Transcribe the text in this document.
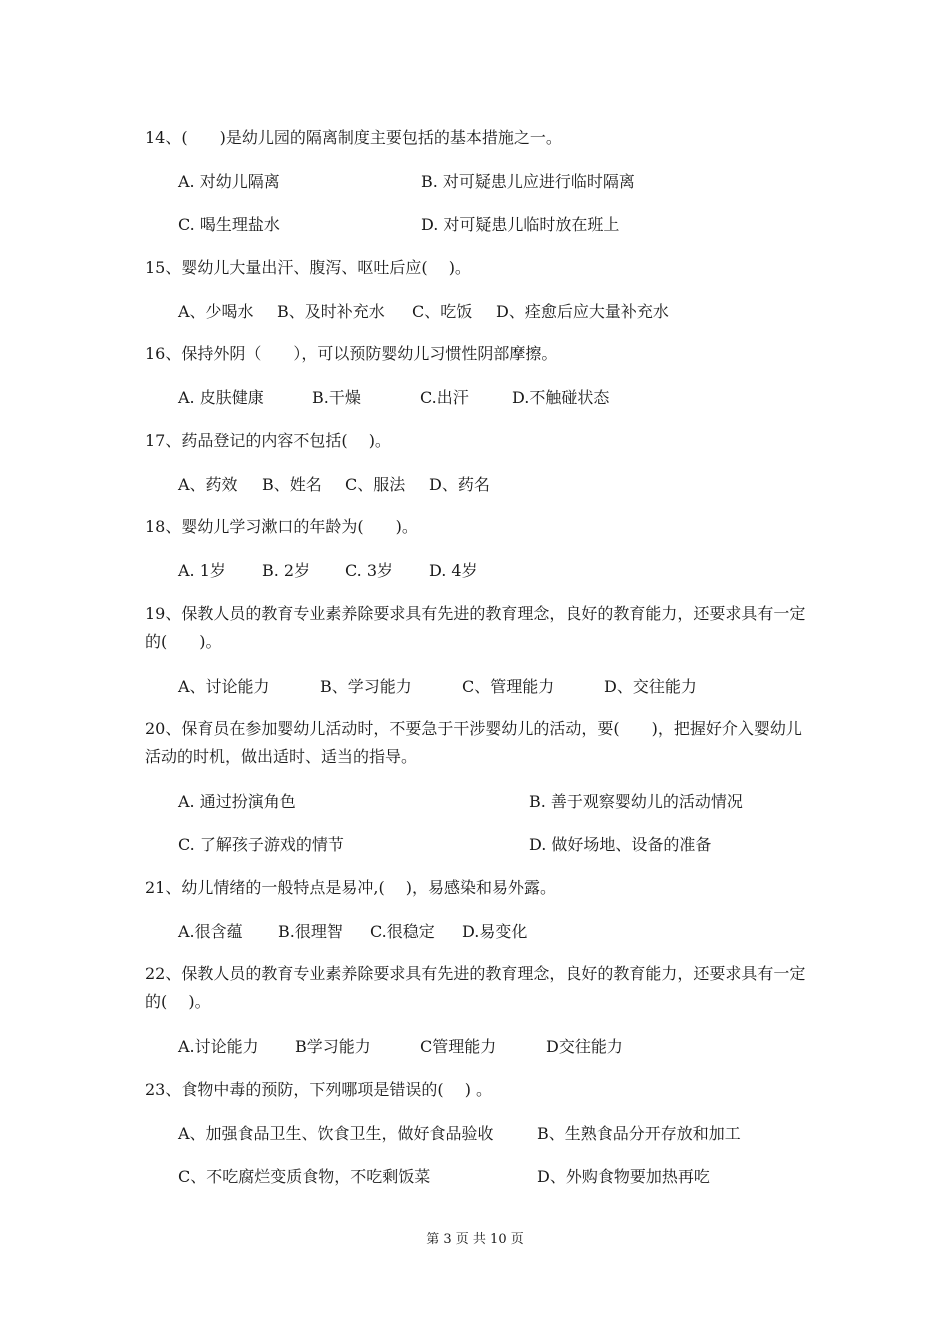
14、(　　)是幼儿园的隔离制度主要包括的基本措施之一。
A. 对幼儿隔离	B. 对可疑患儿应进行临时隔离
C. 喝生理盐水	D. 对可疑患儿临时放在班上
15、婴幼儿大量出汗、腹泻、呕吐后应(　 )。
A、少喝水 B、及时补充水 C、吃饭 D、痊愈后应大量补充水
16、保持外阴（　　），可以预防婴幼儿习惯性阴部摩擦。
A. 皮肤健康	B.干燥	C.出汗	D.不触碰状态
17、药品登记的内容不包括(　 )。
A、药效 B、姓名 C、服法 D、药名
18、婴幼儿学习漱口的年龄为(　　)。
A. 1岁 B. 2岁 C. 3岁 D. 4岁
19、保教人员的教育专业素养除要求具有先进的教育理念，良好的教育能力，还要求具有一定的(　　)。
A、讨论能力	B、学习能力	C、管理能力	D、交往能力
20、保育员在参加婴幼儿活动时，不要急于干涉婴幼儿的活动，要(　　)，把握好介入婴幼儿活动的时机，做出适时、适当的指导。
A. 通过扮演角色	B. 善于观察婴幼儿的活动情况
C. 了解孩子游戏的情节	D. 做好场地、设备的准备
21、幼儿情绪的一般特点是易冲,(　 )，易感染和易外露。
A.很含蕴 B.很理智 C.很稳定 D.易变化
22、保教人员的教育专业素养除要求具有先进的教育理念，良好的教育能力，还要求具有一定的(　 )。
A.讨论能力 B学习能力	C管理能力	D交往能力
23、食物中毒的预防，下列哪项是错误的(　 ) 。
A、加强食品卫生、饮食卫生，做好食品验收	B、生熟食品分开存放和加工
C、不吃腐烂变质食物，不吃剩饭菜	D、外购食物要加热再吃
第 3 页 共 10 页
